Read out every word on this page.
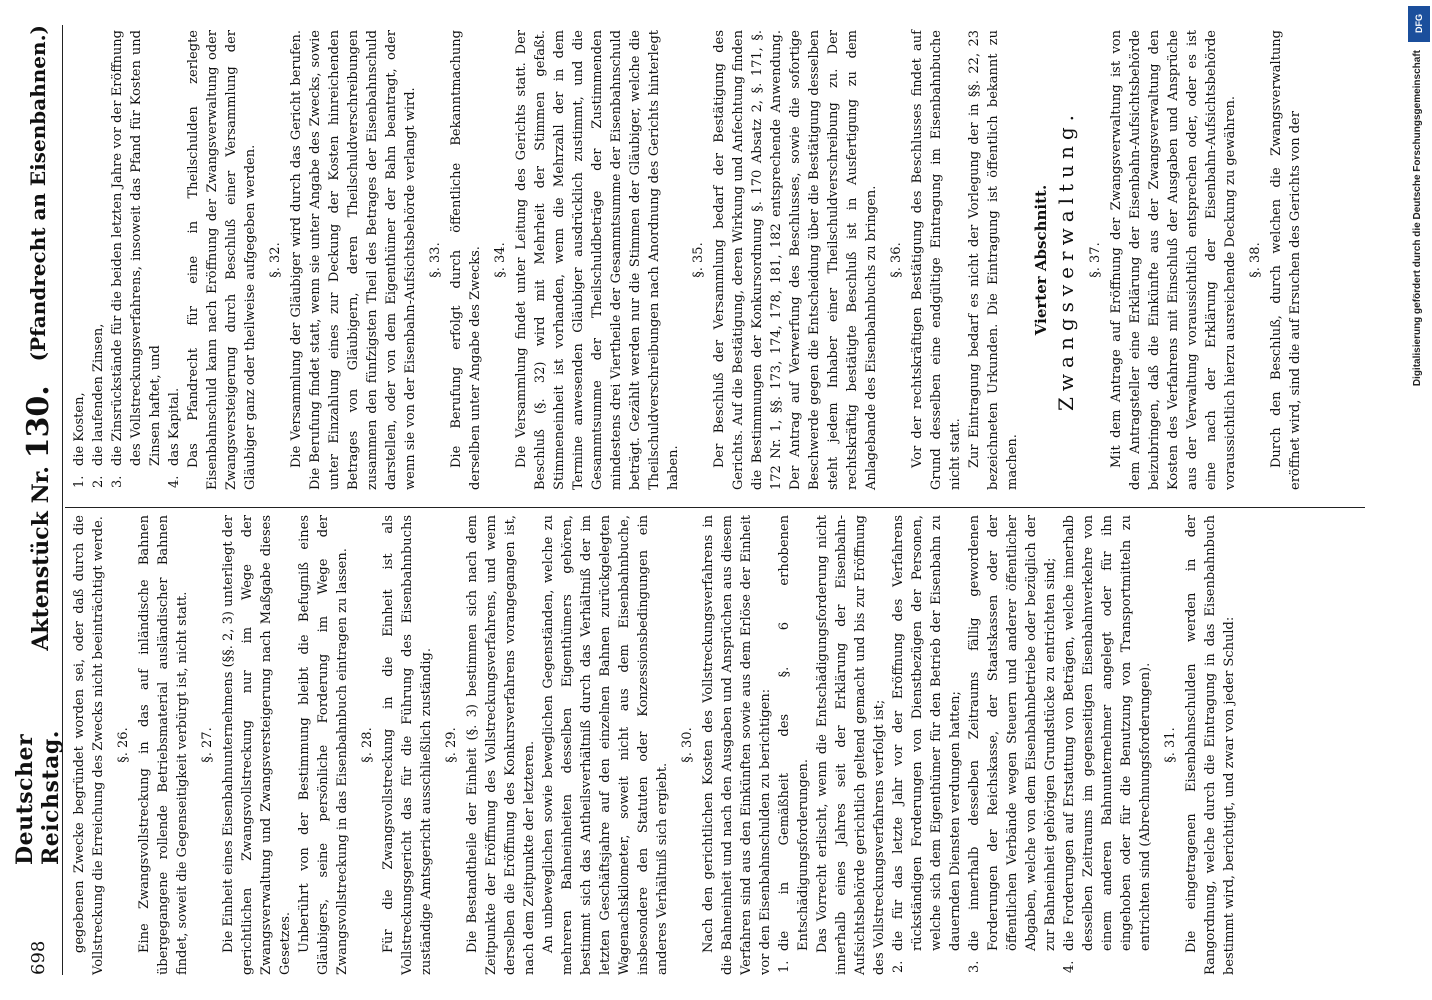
698
Deutscher Reichstag.
Aktenstück Nr. 130.
(Pfandrecht an Eisenbahnen.)

gegebenen Zwecke begründet worden sei, oder daß durch die Vollstreckung die Erreichung des Zwecks nicht beeinträchtigt werde. §. 26. Eine Zwangsvollstreckung in das auf inländische Bahnen übergegangene rollende Betriebsmaterial ausländischer Bahnen findet, soweit die Gegenseitigkeit verbürgt ist, nicht statt. §. 27. Die Einheit eines Eisenbahnunternehmens (§§. 2, 3) unterliegt der gerichtlichen Zwangsvollstreckung nur im Wege der Zwangsverwaltung und Zwangsversteigerung nach Maßgabe dieses Gesetzes. Unberührt von der Bestimmung bleibt die Befugniß eines Gläubigers, seine persönliche Forderung im Wege der Zwangsvollstreckung in das Eisenbahnbuch eintragen zu lassen. §. 28. Für die Zwangsvollstreckung in die Einheit ist als Vollstreckungsgericht das für die Führung des Eisenbahnbuchs zuständige Amtsgericht ausschließlich zuständig. §. 29. Die Bestandtheile der Einheit (§. 3) bestimmen sich nach dem Zeitpunkte der Eröffnung des Vollstreckungsverfahrens, und wenn derselben die Eröffnung des Konkursverfahrens vorangegangen ist, nach dem Zeitpunkte der letzteren. An unbeweglichen sowie beweglichen Gegenständen, welche zu mehreren Bahneinheiten desselben Eigenthümers gehören, bestimmt sich das Antheilsverhältniß durch das Verhältniß der im letzten Geschäftsjahre auf den einzelnen Bahnen zurückgelegten Wagenachskilometer, soweit nicht aus dem Eisenbahnbuche, insbesondere den Statuten oder Konzessionsbedingungen ein anderes Verhältniß sich ergiebt.

§. 30. Nach den gerichtlichen Kosten des Vollstreckungsverfahrens in die Bahneinheit und nach den Ausgaben und Ansprüchen aus diesem Verfahren sind aus den Einkünften sowie aus dem Erlöse der Einheit vor den Eisenbahnschulden zu berichtigen: 1.
die in Gemäßheit des §. 6 erhobenen Entschädigungsforderungen. Das Vorrecht erlischt, wenn die Entschädigungsforderung nicht innerhalb eines Jahres seit der Erklärung der Eisenbahn-Aufsichtsbehörde gerichtlich geltend gemacht und bis zur Eröffnung des Vollstreckungsverfahrens verfolgt ist; 2.
die für das letzte Jahr vor der Eröffnung des Verfahrens rückständigen Forderungen von Dienstbezügen der Personen, welche sich dem Eigenthümer für den Betrieb der Eisenbahn zu dauernden Diensten verdungen hatten;

3.
die innerhalb desselben Zeitraums fällig gewordenen Forderungen der Reichskasse, der Staatskassen oder der öffentlichen Verbände wegen Steuern und anderer öffentlicher Abgaben, welche von dem Eisenbahnbetriebe oder bezüglich der zur Bahneinheit gehörigen Grundstücke zu entrichten sind;

4.
die Forderungen auf Erstattung von Beträgen, welche innerhalb desselben Zeitraums im gegenseitigen Eisenbahnverkehre von einem anderen Bahnunternehmer angelegt oder für ihn eingehoben oder für die Benutzung von Transportmitteln zu entrichten sind (Abrechnungsforderungen). §. 31. Die eingetragenen Eisenbahnschulden werden in der Rangordnung, welche durch die Eintragung in das Eisenbahnbuch bestimmt wird, berichtigt, und zwar von jeder Schuld:

1.
die Kosten,

2.
die laufenden Zinsen,

3.
die Zinsrückstände für die beiden letzten Jahre vor der Eröffnung des Vollstreckungsverfahrens, insoweit das Pfand für Kosten und Zinsen haftet, und

4.
das Kapital. Das Pfandrecht für eine in Theilschulden zerlegte Eisenbahnschuld kann nach Eröffnung der Zwangsverwaltung oder Zwangsversteigerung durch Beschluß einer Versammlung der Gläubiger ganz oder theilweise aufgegeben werden. §. 32. Die Versammlung der Gläubiger wird durch das Gericht berufen. Die Berufung findet statt, wenn sie unter Angabe des Zwecks, sowie unter Einzahlung eines zur Deckung der Kosten hinreichenden Betrages von Gläubigern, deren Theilschuldverschreibungen zusammen den fünfzigsten Theil des Betrages der Eisenbahnschuld darstellen, oder von dem Eigenthümer der Bahn beantragt, oder wenn sie von der Eisenbahn-Aufsichtsbehörde verlangt wird. §. 33. Die Berufung erfolgt durch öffentliche Bekanntmachung derselben unter Angabe des Zwecks. §. 34. Die Versammlung findet unter Leitung des Gerichts statt. Der Beschluß (§. 32) wird mit Mehrheit der Stimmen gefaßt. Stimmeneinheit ist vorhanden, wenn die Mehrzahl der in dem Termine anwesenden Gläubiger ausdrücklich zustimmt, und die Gesammtsumme der Theilschuldbeträge der Zustimmenden mindestens drei Viertheile der Gesammtsumme der Eisenbahnschuld beträgt. Gezählt werden nur die Stimmen der Gläubiger, welche die Theilschuldverschreibungen nach Anordnung des Gerichts hinterlegt haben.

§. 35. Der Beschluß der Versammlung bedarf der Bestätigung des Gerichts. Auf die Bestätigung, deren Wirkung und Anfechtung finden die Bestimmungen der Konkursordnung §. 170 Absatz 2, §. 171, §. 172 Nr. 1, §§. 173, 174, 178, 181, 182 entsprechende Anwendung. Der Antrag auf Verwerfung des Beschlusses, sowie die sofortige Beschwerde gegen die Entscheidung über die Bestätigung desselben steht jedem Inhaber einer Theilschuldverschreibung zu. Der rechtskräftig bestätigte Beschluß ist in Ausfertigung zu dem Anlagebande des Eisenbahnbuchs zu bringen. §. 36. Vor der rechtskräftigen Bestätigung des Beschlusses findet auf Grund desselben eine endgültige Eintragung im Eisenbahnbuche nicht statt. Zur Eintragung bedarf es nicht der Vorlegung der in §§. 22, 23 bezeichneten Urkunden. Die Eintragung ist öffentlich bekannt zu machen.

Vierter Abschnitt. Zwangsverwaltung. §. 37. Mit dem Antrage auf Eröffnung der Zwangsverwaltung ist von dem Antragsteller eine Erklärung der Eisenbahn-Aufsichtsbehörde beizubringen, daß die Einkünfte aus der Zwangsverwaltung den Kosten des Verfahrens mit Einschluß der Ausgaben und Ansprüche aus der Verwaltung voraussichtlich entsprechen oder, oder es ist eine nach der Erklärung der Eisenbahn-Aufsichtsbehörde voraussichtlich hierzu ausreichende Deckung zu gewähren. §. 38. Durch den Beschluß, durch welchen die Zwangsverwaltung eröffnet wird, sind die auf Ersuchen des Gerichts von der

DFG
Digitalisierung gefördert durch die Deutsche Forschungsgemeinschaft
